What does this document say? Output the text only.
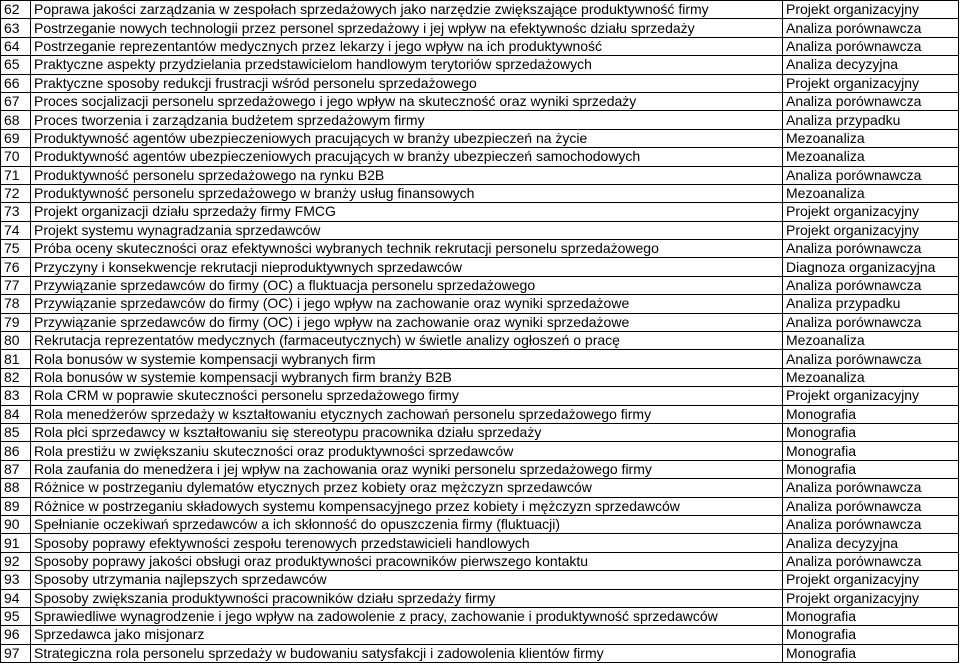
62	Poprawa jakości zarządzania w zespołach sprzedażowych jako narzędzie zwiększające produktywność firmy	Projekt organizacyjny
63	Postrzeganie nowych technologii przez personel sprzedażowy i jej wpływ na efektywnośc działu sprzedaży	Analiza porównawcza
64	Postrzeganie reprezentantów medycznych przez lekarzy i jego wpływ na ich produktywność	Analiza porównawcza
65	Praktyczne aspekty przydzielania przedstawicielom handlowym terytoriów sprzedażowych	Analiza decyzyjna
66	Praktyczne sposoby redukcji frustracji wśród personelu sprzedażowego	Projekt organizacyjny
67	Proces socjalizacji personelu sprzedażowego i jego wpływ na skuteczność oraz wyniki sprzedaży	Analiza porównawcza
68	Proces tworzenia i zarządzania budżetem sprzedażowym firmy	Analiza przypadku
69	Produktywność agentów ubezpieczeniowych pracujących w branży ubezpieczeń na życie	Mezoanaliza
70	Produktywność agentów ubezpieczeniowych pracujących w branży ubezpieczeń samochodowych	Mezoanaliza
71	Produktywność personelu sprzedażowego na rynku B2B	Analiza porównawcza
72	Produktywność personelu sprzedażowego w branży usług finansowych	Mezoanaliza
73	Projekt organizacji działu sprzedaży firmy FMCG	Projekt organizacyjny
74	Projekt systemu wynagradzania sprzedawców	Projekt organizacyjny
75	Próba oceny skuteczności oraz efektywności wybranych technik rekrutacji personelu sprzedażowego	Analiza porównawcza
76	Przyczyny i konsekwencje rekrutacji nieproduktywnych sprzedawców	Diagnoza organizacyjna
77	Przywiązanie sprzedawców do firmy (OC) a fluktuacja personelu sprzedażowego	Analiza porównawcza
78	Przywiązanie sprzedawców do firmy (OC) i jego wpływ na zachowanie oraz wyniki sprzedażowe	Analiza przypadku
79	Przywiązanie sprzedawców do firmy (OC) i jego wpływ na zachowanie oraz wyniki sprzedażowe	Analiza porównawcza
80	Rekrutacja reprezentatów medycznych (farmaceutycznych) w świetle analizy ogłoszeń o pracę	Mezoanaliza
81	Rola bonusów w systemie kompensacji wybranych firm	Analiza porównawcza
82	Rola bonusów w systemie kompensacji wybranych firm branży B2B	Mezoanaliza
83	Rola CRM w poprawie skuteczności personelu sprzedażowego firmy	Projekt organizacyjny
84	Rola menedżerów sprzedaży w kształtowaniu etycznych zachowań personelu sprzedażowego firmy	Monografia
85	Rola płci sprzedawcy w kształtowaniu się stereotypu pracownika działu sprzedaży	Monografia
86	Rola prestiżu w zwiększaniu skuteczności oraz produktywności sprzedawców	Monografia
87	Rola zaufania do menedżera i jej wpływ na zachowania oraz wyniki personelu sprzedażowego firmy	Monografia
88	Różnice w postrzeganiu dylematów etycznych przez kobiety oraz mężczyzn sprzedawców	Analiza porównawcza
89	Różnice w postrzeganiu składowych systemu kompensacyjnego przez kobiety i mężczyzn sprzedawców	Analiza porównawcza
90	Spełnianie oczekiwań sprzedawców a ich skłonność do opuszczenia firmy (fluktuacji)	Analiza porównawcza
91	Sposoby poprawy efektywności zespołu terenowych przedstawicieli handlowych	Analiza decyzyjna
92	Sposoby poprawy jakości obsługi oraz produktywności pracowników pierwszego kontaktu	Analiza porównawcza
93	Sposoby utrzymania najlepszych sprzedawców	Projekt organizacyjny
94	Sposoby zwiększania produktywności pracowników działu sprzedaży firmy	Projekt organizacyjny
95	Sprawiedliwe wynagrodzenie i jego wpływ na zadowolenie z pracy, zachowanie i produktywność sprzedawców	Monografia
96	Sprzedawca jako misjonarz	Monografia
97	Strategiczna rola personelu sprzedaży w budowaniu satysfakcji i zadowolenia klientów firmy	Monografia
